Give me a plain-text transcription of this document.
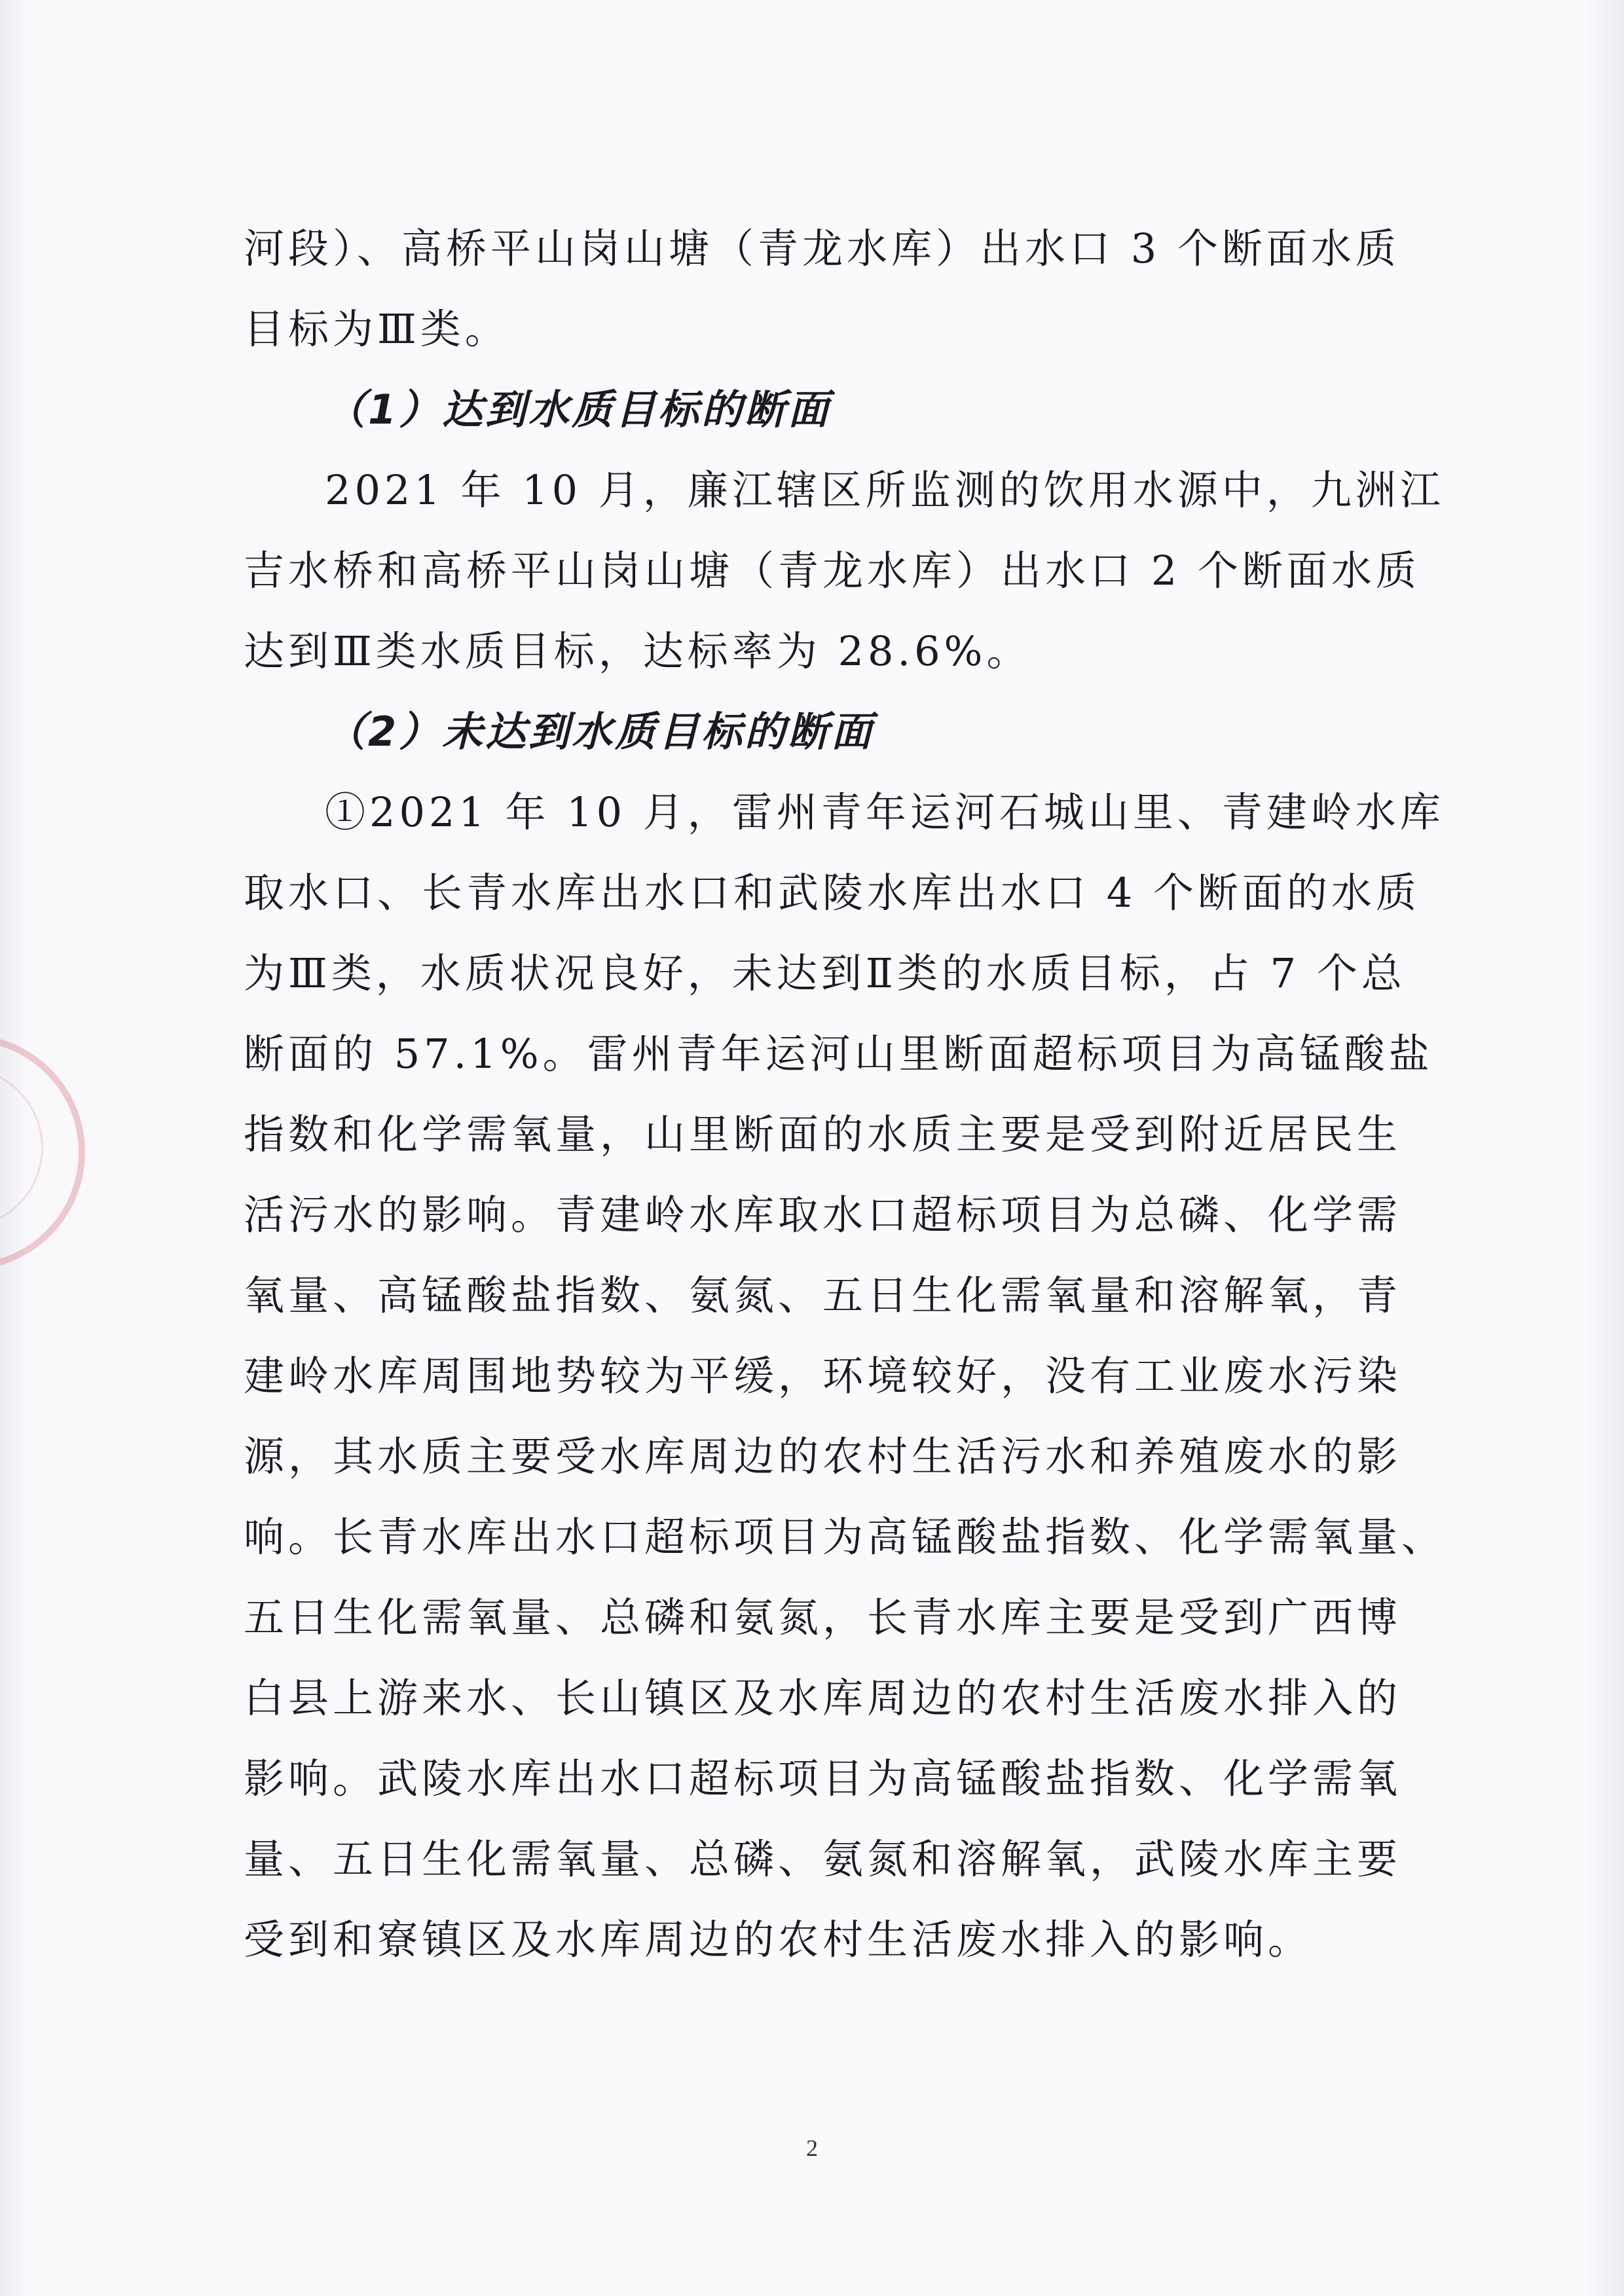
河段）、高桥平山岗山塘（青龙水库）出水口 3 个断面水质

目标为Ⅲ类。

（1）达到水质目标的断面

2021 年 10 月，廉江辖区所监测的饮用水源中，九洲江

吉水桥和高桥平山岗山塘（青龙水库）出水口 2 个断面水质

达到Ⅲ类水质目标，达标率为 28.6%。

（2）未达到水质目标的断面

①2021 年 10 月，雷州青年运河石城山里、青建岭水库

取水口、长青水库出水口和武陵水库出水口 4 个断面的水质

为Ⅲ类，水质状况良好，未达到Ⅱ类的水质目标，占 7 个总

断面的 57.1%。雷州青年运河山里断面超标项目为高锰酸盐

指数和化学需氧量，山里断面的水质主要是受到附近居民生

活污水的影响。青建岭水库取水口超标项目为总磷、化学需

氧量、高锰酸盐指数、氨氮、五日生化需氧量和溶解氧，青

建岭水库周围地势较为平缓，环境较好，没有工业废水污染

源，其水质主要受水库周边的农村生活污水和养殖废水的影

响。长青水库出水口超标项目为高锰酸盐指数、化学需氧量、

五日生化需氧量、总磷和氨氮，长青水库主要是受到广西博

白县上游来水、长山镇区及水库周边的农村生活废水排入的

影响。武陵水库出水口超标项目为高锰酸盐指数、化学需氧

量、五日生化需氧量、总磷、氨氮和溶解氧，武陵水库主要

受到和寮镇区及水库周边的农村生活废水排入的影响。

2
